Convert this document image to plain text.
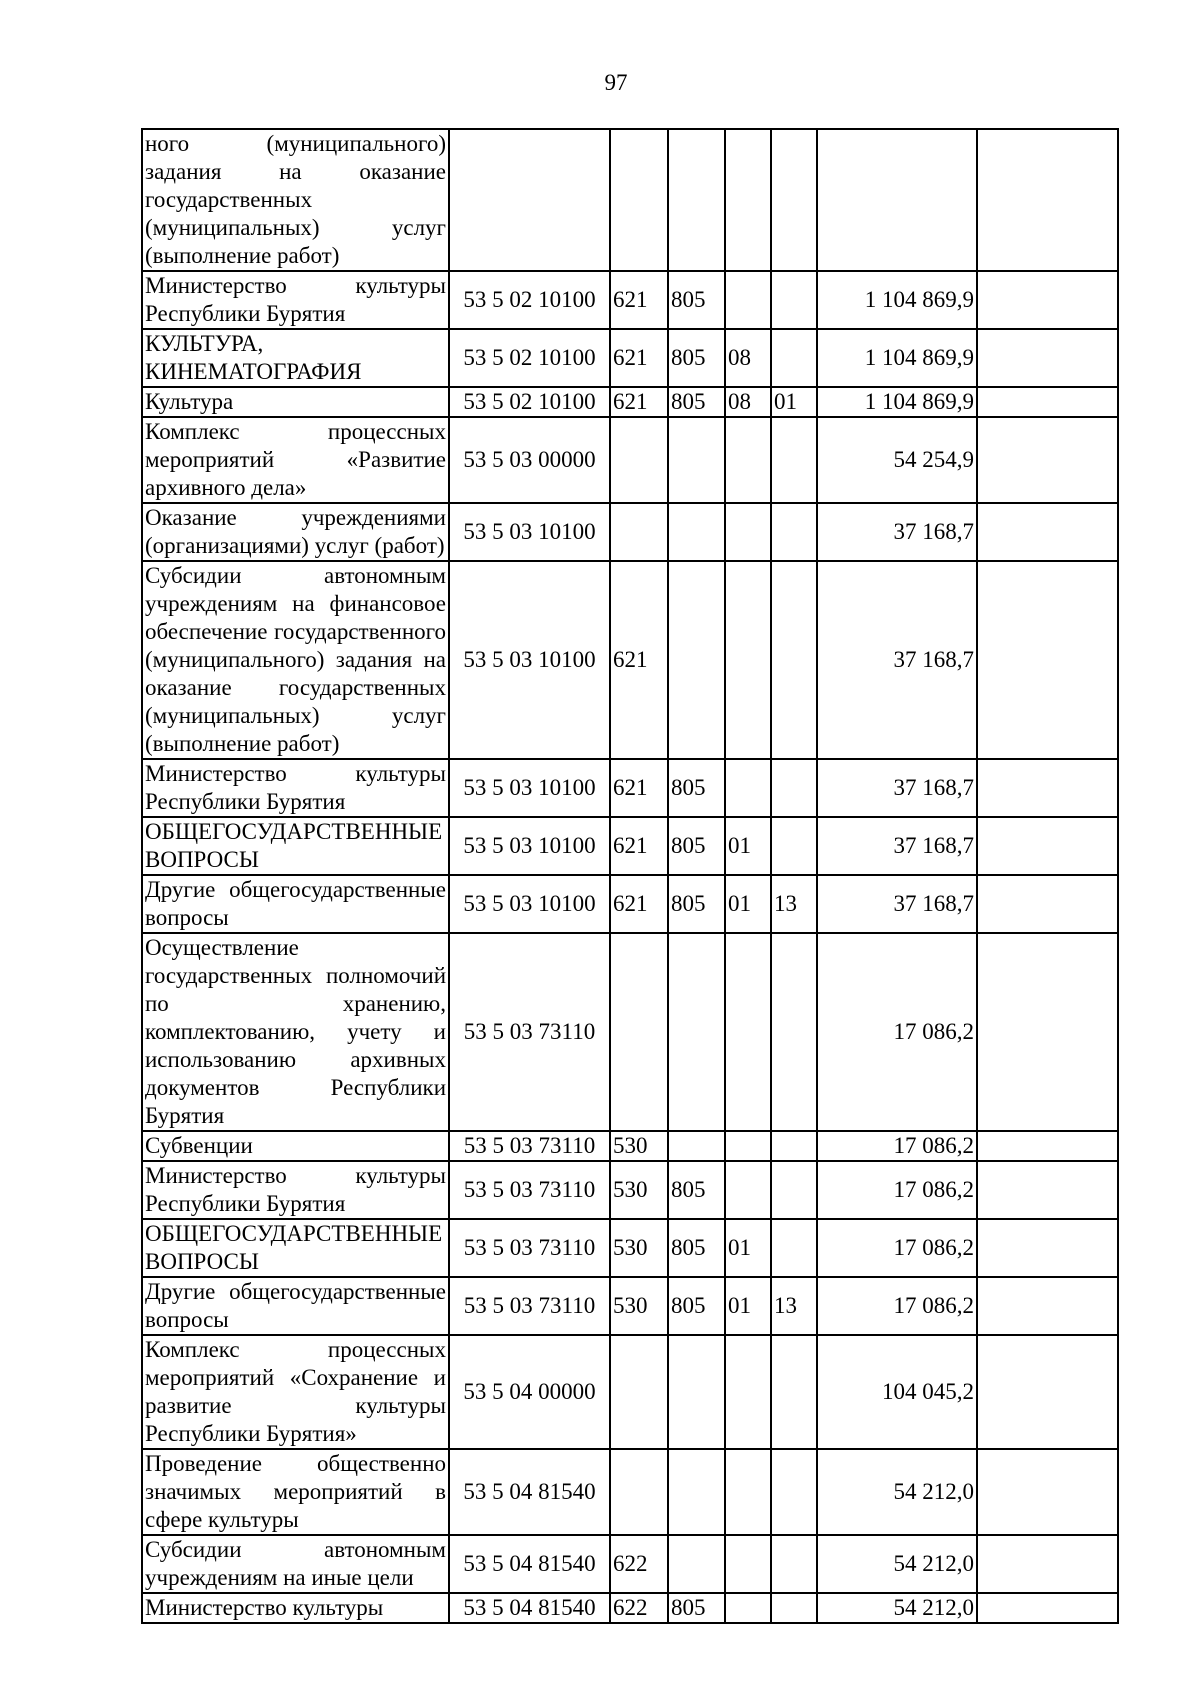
97
ного (муниципального) задания на оказание государственных (муниципальных) услуг (выполнение работ)							
Министерство культуры Республики Бурятия	53 5 02 10100	621	805			1 104 869,9	
КУЛЬТУРА, КИНЕМАТОГРАФИЯ	53 5 02 10100	621	805	08		1 104 869,9	
Культура	53 5 02 10100	621	805	08	01	1 104 869,9	
Комплекс процессных мероприятий «Развитие архивного дела»	53 5 03 00000					54 254,9	
Оказание учреждениями (организациями) услуг (работ)	53 5 03 10100					37 168,7	
Субсидии автономным учреждениям на финансовое обеспечение государственного (муниципального) задания на оказание государственных (муниципальных) услуг (выполнение работ)	53 5 03 10100	621				37 168,7	
Министерство культуры Республики Бурятия	53 5 03 10100	621	805			37 168,7	
ОБЩЕГОСУДАРСТВЕННЫЕ ВОПРОСЫ	53 5 03 10100	621	805	01		37 168,7	
Другие общегосударственные вопросы	53 5 03 10100	621	805	01	13	37 168,7	
Осуществление государственных полномочий по хранению, комплектованию, учету и использованию архивных документов Республики Бурятия	53 5 03 73110					17 086,2	
Субвенции	53 5 03 73110	530				17 086,2	
Министерство культуры Республики Бурятия	53 5 03 73110	530	805			17 086,2	
ОБЩЕГОСУДАРСТВЕННЫЕ ВОПРОСЫ	53 5 03 73110	530	805	01		17 086,2	
Другие общегосударственные вопросы	53 5 03 73110	530	805	01	13	17 086,2	
Комплекс процессных мероприятий «Сохранение и развитие культуры Республики Бурятия»	53 5 04 00000					104 045,2	
Проведение общественно значимых мероприятий в сфере культуры	53 5 04 81540					54 212,0	
Субсидии автономным учреждениям на иные цели	53 5 04 81540	622				54 212,0	
Министерство культуры	53 5 04 81540	622	805			54 212,0	
